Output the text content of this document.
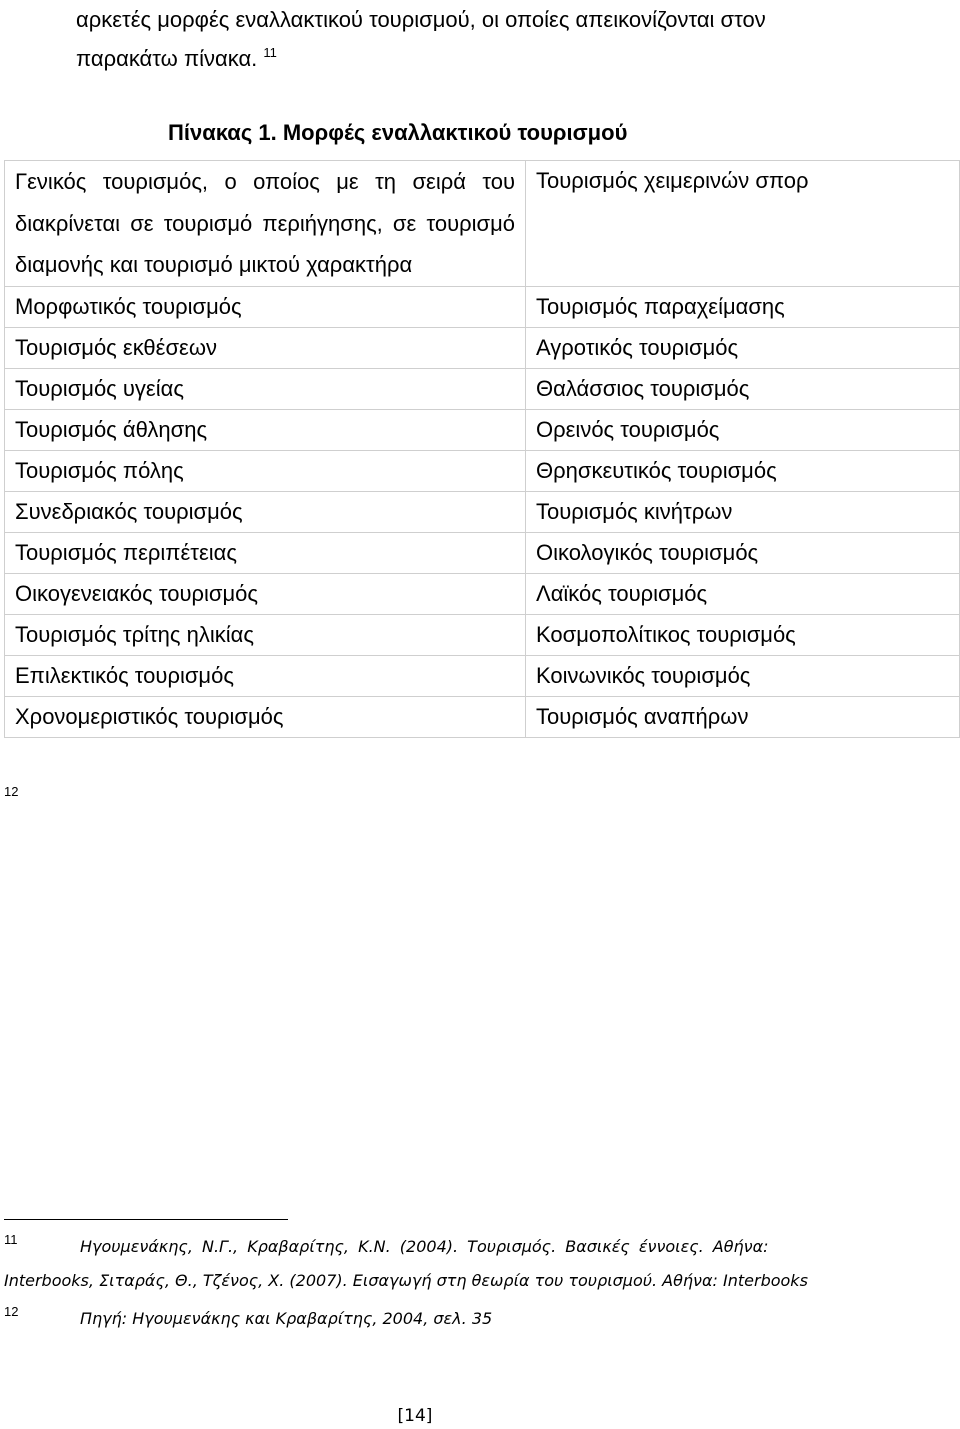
αρκετές μορφές εναλλακτικού τουρισμού, οι οποίες απεικονίζονται στον
παρακάτω πίνακα. $^{11}$
Πίνακας 1. Μορφές εναλλακτικού τουρισμού
Γενικός τουρισμός, ο οποίος με τη σειρά του διακρίνεται σε τουρισμό περιήγησης, σε τουρισμό διαμονής και τουρισμό μικτού χαρακτήρα	Τουρισμός χειμερινών σπορ
Μορφωτικός τουρισμός	Τουρισμός παραχείμασης
Τουρισμός εκθέσεων	Αγροτικός τουρισμός
Τουρισμός υγείας	Θαλάσσιος τουρισμός
Τουρισμός άθλησης	Ορεινός τουρισμός
Τουρισμός πόλης	Θρησκευτικός τουρισμός
Συνεδριακός τουρισμός	Τουρισμός κινήτρων
Τουρισμός περιπέτειας	Οικολογικός τουρισμός
Οικογενειακός τουρισμός	Λαϊκός τουρισμός
Τουρισμός τρίτης ηλικίας	Κοσμοπολίτικος τουρισμός
Επιλεκτικός τουρισμός	Κοινωνικός τουρισμός
Χρονομεριστικός τουρισμός	Τουρισμός αναπήρων
12
11	Ηγουμενάκης, Ν.Γ., Κραβαρίτης, Κ.Ν. (2004). Τουρισμός. Βασικές έννοιες. Αθήνα:
Interbooks, Σιταράς, Θ., Τζένος, Χ. (2007). Εισαγωγή στη θεωρία του τουρισμού. Αθήνα: Interbooks
12	Πηγή: Ηγουμενάκης και Κραβαρίτης, 2004, σελ. 35
[14]
